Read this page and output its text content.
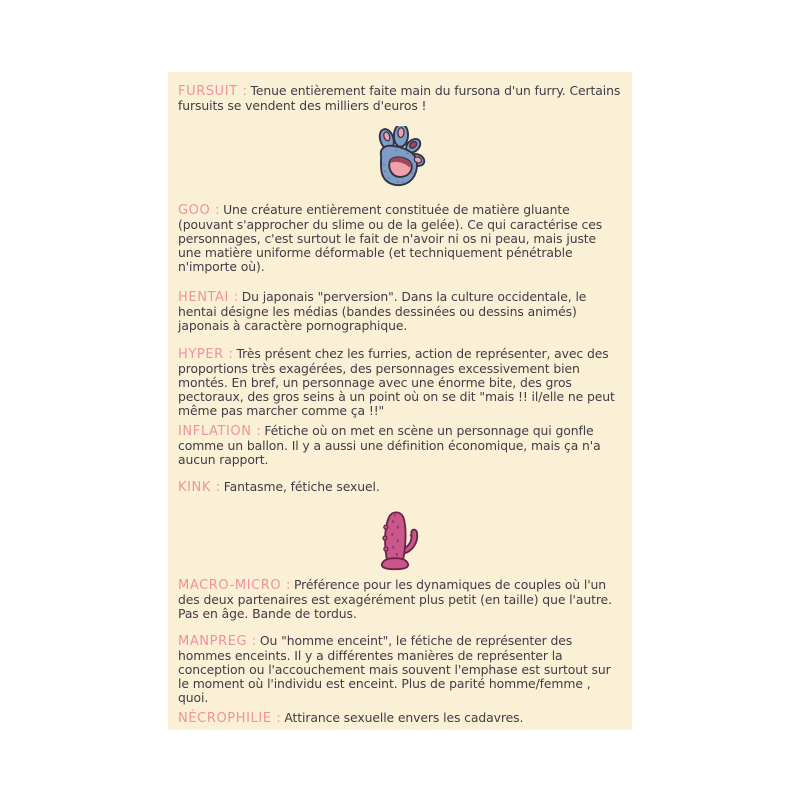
FURSUIT : Tenue entièrement faite main du fursona d'un furry. Certains fursuits se vendent des milliers d'euros !

GOO : Une créature entièrement constituée de matière gluante (pouvant s'approcher du slime ou de la gelée). Ce qui caractérise ces personnages, c'est surtout le fait de n'avoir ni os ni peau, mais juste une matière uniforme déformable (et techniquement pénétrable n'importe où).

HENTAI : Du japonais "perversion". Dans la culture occidentale, le hentai désigne les médias (bandes dessinées ou dessins animés) japonais à caractère pornographique.

HYPER : Très présent chez les furries, action de représenter, avec des proportions très exagérées, des personnages excessivement bien montés. En bref, un personnage avec une énorme bite, des gros pectoraux, des gros seins à un point où on se dit "mais !! il/elle ne peut même pas marcher comme ça !!"

INFLATION : Fétiche où on met en scène un personnage qui gonfle comme un ballon. Il y a aussi une définition économique, mais ça n'a aucun rapport.

KINK : Fantasme, fétiche sexuel.

MACRO-MICRO : Préférence pour les dynamiques de couples où l'un des deux partenaires est exagérément plus petit (en taille) que l'autre. Pas en âge. Bande de tordus.

MANPREG : Ou "homme enceint", le fétiche de représenter des hommes enceints. Il y a différentes manières de représenter la conception ou l'accouchement mais souvent l'emphase est surtout sur le moment où l'individu est enceint. Plus de parité homme/femme , quoi.

NÉCROPHILIE : Attirance sexuelle envers les cadavres.
